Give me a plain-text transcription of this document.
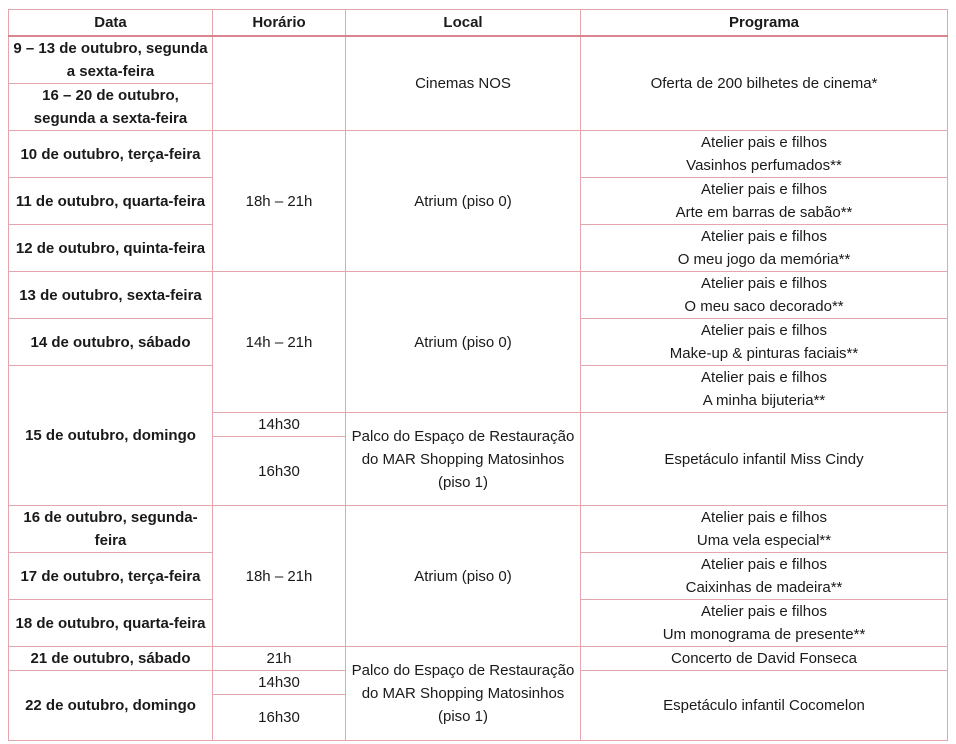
Data	Horário	Local	Programa
9 – 13 de outubro, segunda a sexta-feira		Cinemas NOS	Oferta de 200 bilhetes de cinema*
16 – 20 de outubro, segunda a sexta-feira			
10 de outubro, terça-feira	18h – 21h	Atrium (piso 0)	Atelier pais e filhos
Vasinhos perfumados**

11 de outubro, quarta-feira			Atelier pais e filhos
Arte em barras de sabão**

12 de outubro, quinta-feira			Atelier pais e filhos
O meu jogo da memória**

13 de outubro, sexta-feira	14h – 21h	Atrium (piso 0)	Atelier pais e filhos
O meu saco decorado**

14 de outubro, sábado			Atelier pais e filhos
Make-up & pinturas faciais**

15 de outubro, domingo			Atelier pais e filhos
A minha bijuteria**

	14h30	Palco do Espaço de Restauração do MAR Shopping Matosinhos (piso 1)	Espetáculo infantil Miss Cindy
	16h30		
16 de outubro, segunda-feira	18h – 21h	Atrium (piso 0)	Atelier pais e filhos
Uma vela especial**

17 de outubro, terça-feira			Atelier pais e filhos
Caixinhas de madeira**

18 de outubro, quarta-feira			Atelier pais e filhos
Um monograma de presente**

21 de outubro, sábado	21h	Palco do Espaço de Restauração do MAR Shopping Matosinhos (piso 1)	Concerto de David Fonseca
22 de outubro, domingo	14h30		Espetáculo infantil Cocomelon
	16h30		
